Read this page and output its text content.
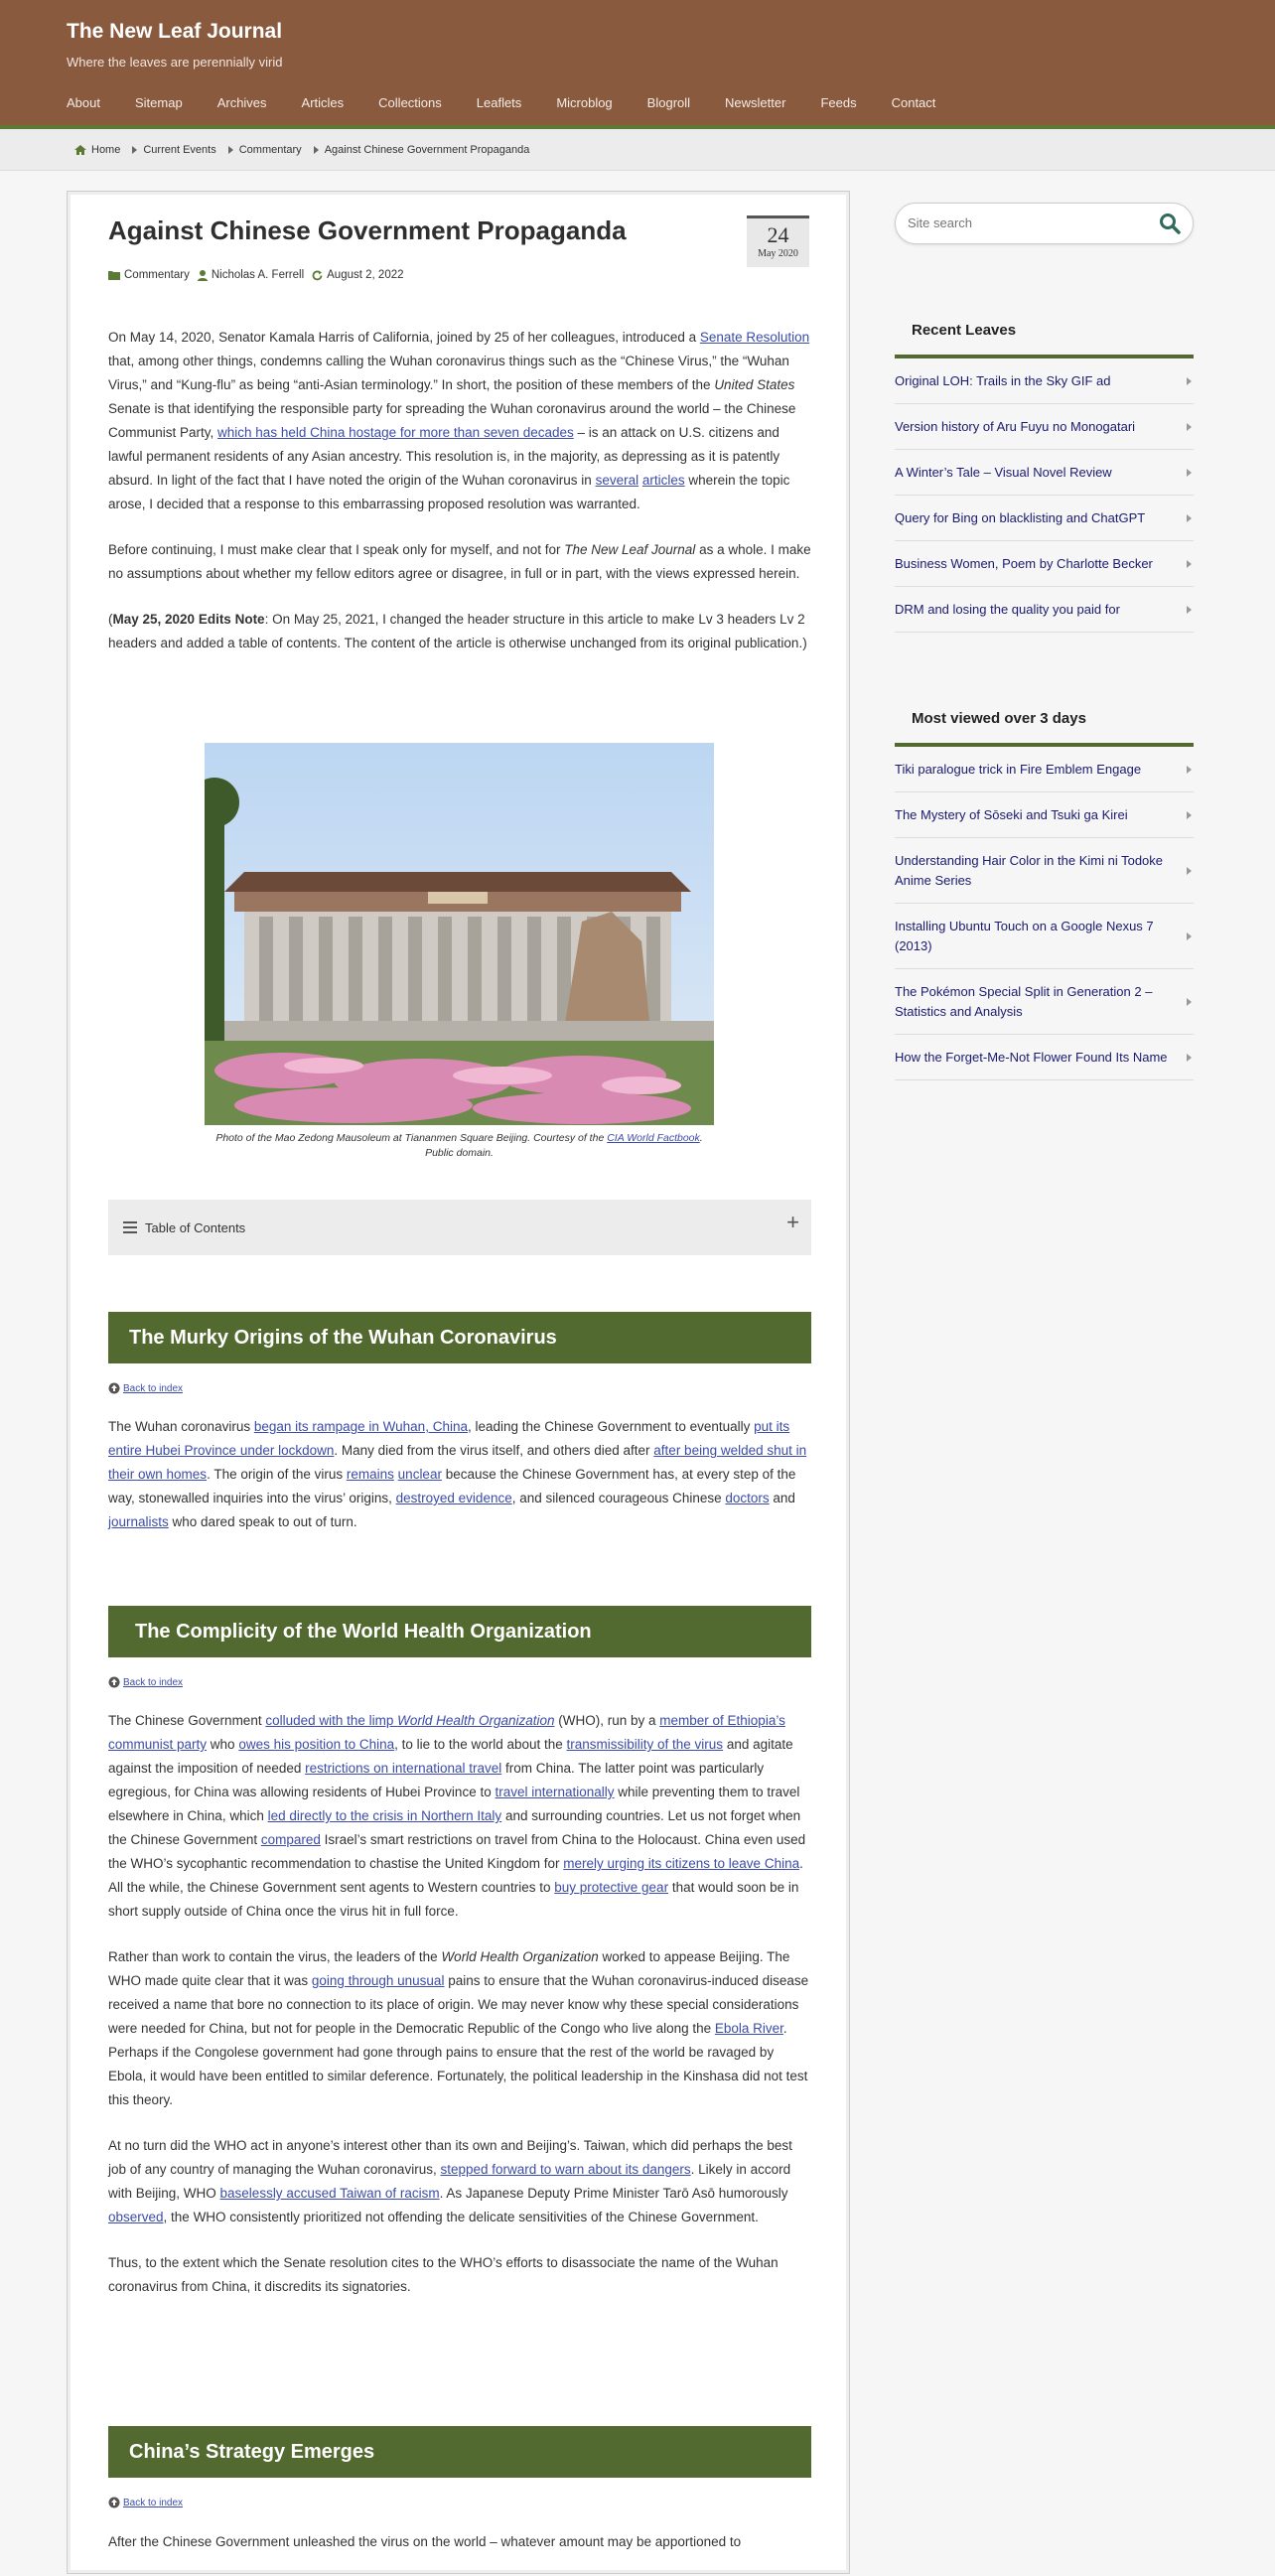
The New Leaf Journal
Where the leaves are perennially virid
About	Sitemap	Archives	Articles	Collections	Leaflets	Microblog	Blogroll	Newsletter	Feeds	Contact
Home Current Events Commentary Against Chinese Government Propaganda
Against Chinese Government Propaganda	24
May 2020
Commentary Nicholas A. Ferrell August 2, 2022

On May 14, 2020, Senator Kamala Harris of California, joined by 25 of her colleagues, introduced a Senate Resolution that, among other things, condemns calling the Wuhan coronavirus things such as the “Chinese Virus,” the “Wuhan Virus,” and “Kung-flu” as being “anti-Asian terminology.” In short, the position of these members of the United States Senate is that identifying the responsible party for spreading the Wuhan coronavirus around the world – the Chinese Communist Party, which has held China hostage for more than seven decades – is an attack on U.S. citizens and lawful permanent residents of any Asian ancestry. This resolution is, in the majority, as depressing as it is patently absurd. In light of the fact that I have noted the origin of the Wuhan coronavirus in several articles wherein the topic arose, I decided that a response to this embarrassing proposed resolution was warranted.

Before continuing, I must make clear that I speak only for myself, and not for The New Leaf Journal as a whole. I make no assumptions about whether my fellow editors agree or disagree, in full or in part, with the views expressed herein.

(May 25, 2020 Edits Note: On May 25, 2021, I changed the header structure in this article to make Lv 3 headers Lv 2 headers and added a table of contents. The content of the article is otherwise unchanged from its original publication.)

Photo of the Mao Zedong Mausoleum at Tiananmen Square Beijing. Courtesy of the CIA World Factbook. Public domain.
Table of Contents	+
The Murky Origins of the Wuhan Coronavirus
Back to index

The Wuhan coronavirus began its rampage in Wuhan, China, leading the Chinese Government to eventually put its entire Hubei Province under lockdown. Many died from the virus itself, and others died after after being welded shut in their own homes. The origin of the virus remains unclear because the Chinese Government has, at every step of the way, stonewalled inquiries into the virus’ origins, destroyed evidence, and silenced courageous Chinese doctors and journalists who dared speak to out of turn.

The Complicity of the World Health Organization
Back to index

The Chinese Government colluded with the limp World Health Organization (WHO), run by a member of Ethiopia’s communist party who owes his position to China, to lie to the world about the transmissibility of the virus and agitate against the imposition of needed restrictions on international travel from China. The latter point was particularly egregious, for China was allowing residents of Hubei Province to travel internationally while preventing them to travel elsewhere in China, which led directly to the crisis in Northern Italy and surrounding countries. Let us not forget when the Chinese Government compared Israel’s smart restrictions on travel from China to the Holocaust. China even used the WHO’s sycophantic recommendation to chastise the United Kingdom for merely urging its citizens to leave China. All the while, the Chinese Government sent agents to Western countries to buy protective gear that would soon be in short supply outside of China once the virus hit in full force.

Rather than work to contain the virus, the leaders of the World Health Organization worked to appease Beijing. The WHO made quite clear that it was going through unusual pains to ensure that the Wuhan coronavirus-induced disease received a name that bore no connection to its place of origin. We may never know why these special considerations were needed for China, but not for people in the Democratic Republic of the Congo who live along the Ebola River. Perhaps if the Congolese government had gone through pains to ensure that the rest of the world be ravaged by Ebola, it would have been entitled to similar deference. Fortunately, the political leadership in the Kinshasa did not test this theory.

At no turn did the WHO act in anyone’s interest other than its own and Beijing’s. Taiwan, which did perhaps the best job of any country of managing the Wuhan coronavirus, stepped forward to warn about its dangers. Likely in accord with Beijing, WHO baselessly accused Taiwan of racism. As Japanese Deputy Prime Minister Tarō Asō humorously observed, the WHO consistently prioritized not offending the delicate sensitivities of the Chinese Government.

Thus, to the extent which the Senate resolution cites to the WHO’s efforts to disassociate the name of the Wuhan coronavirus from China, it discredits its signatories.

China’s Strategy Emerges
Back to index

After the Chinese Government unleashed the virus on the world – whatever amount may be apportioned to

Site search
Recent Leaves
Original LOH: Trails in the Sky GIF ad
Version history of Aru Fuyu no Monogatari
A Winter’s Tale – Visual Novel Review
Query for Bing on blacklisting and ChatGPT
Business Women, Poem by Charlotte Becker
DRM and losing the quality you paid for
Most viewed over 3 days
Tiki paralogue trick in Fire Emblem Engage
The Mystery of Sōseki and Tsuki ga Kirei
Understanding Hair Color in the Kimi ni Todoke Anime Series
Installing Ubuntu Touch on a Google Nexus 7 (2013)
The Pokémon Special Split in Generation 2 – Statistics and Analysis
How the Forget-Me-Not Flower Found Its Name
